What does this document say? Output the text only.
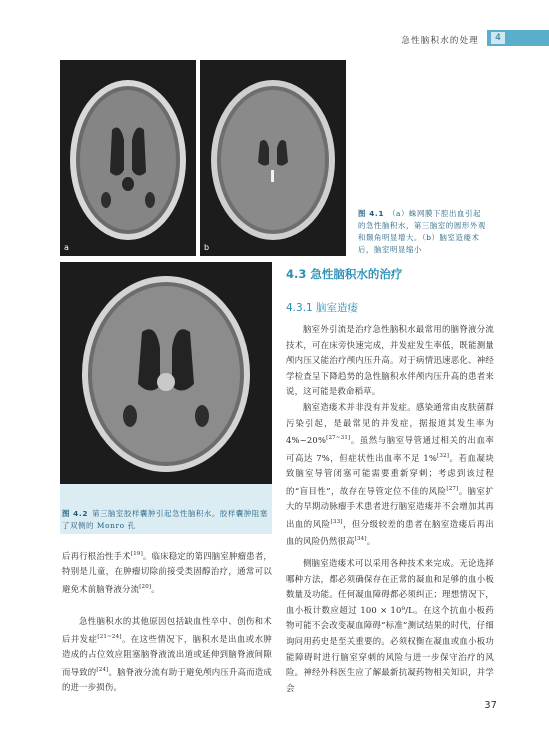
急性脑积水的处理	4
a	b
图 4.1 （a）蛛网膜下腔出血引起的急性脑积水，第三脑室的圆形外观和颞角明显增大。（b）脑室造瘘术后，脑室明显缩小
图 4.2 第三脑室胶样囊肿引起急性脑积水。胶样囊肿阻塞了双侧的 Monro 孔
后再行根治性手术[19]。临床稳定的第四脑室肿瘤患者，特别是儿童，在肿瘤切除前接受类固醇治疗，通常可以避免术前脑脊液分流[20]。
急性脑积水的其他原因包括缺血性卒中、创伤和术后并发症[21~24]。在这些情况下，脑积水是出血或水肿造成的占位效应阻塞脑脊液流出道或延伸到脑脊液间隙而导致的[24]。脑脊液分流有助于避免颅内压升高而造成的进一步损伤。
4.3 急性脑积水的治疗
4.3.1 脑室造瘘
脑室外引流是治疗急性脑积水最常用的脑脊液分流技术，可在床旁快速完成，并发症发生率低，既能测量颅内压又能治疗颅内压升高。对于病情迅速恶化、神经学检查呈下降趋势的急性脑积水伴颅内压升高的患者来说，这可能是救命稻草。
脑室造瘘术并非没有并发症。感染通常由皮肤菌群污染引起，是最常见的并发症，据报道其发生率为 4%~20%[27~31]。虽然与脑室导管通过相关的出血率可高达 7%，但症状性出血率不足 1%[32]。若血凝块致脑室导管闭塞可能需要重新穿刺；考虑到该过程的“盲目性”，故存在导管定位不佳的风险[27]。脑室扩大的早期动脉瘤手术患者进行脑室造瘘并不会增加其再出血的风险[33]，但分级较差的患者在脑室造瘘后再出血的风险仍然很高[34]。
侧脑室造瘘术可以采用各种技术来完成。无论选择哪种方法，都必须确保存在正常的凝血和足够的血小板数量及功能。任何凝血障碍都必须纠正；理想情况下，血小板计数应超过 100 × 10⁹/L。在这个抗血小板药物可能不会改变凝血障碍“标准”测试结果的时代，仔细询问用药史是至关重要的。必须权衡在凝血或血小板功能障碍时进行脑室穿刺的风险与进一步保守治疗的风险。神经外科医生应了解最新抗凝药物相关知识，并学会
37
